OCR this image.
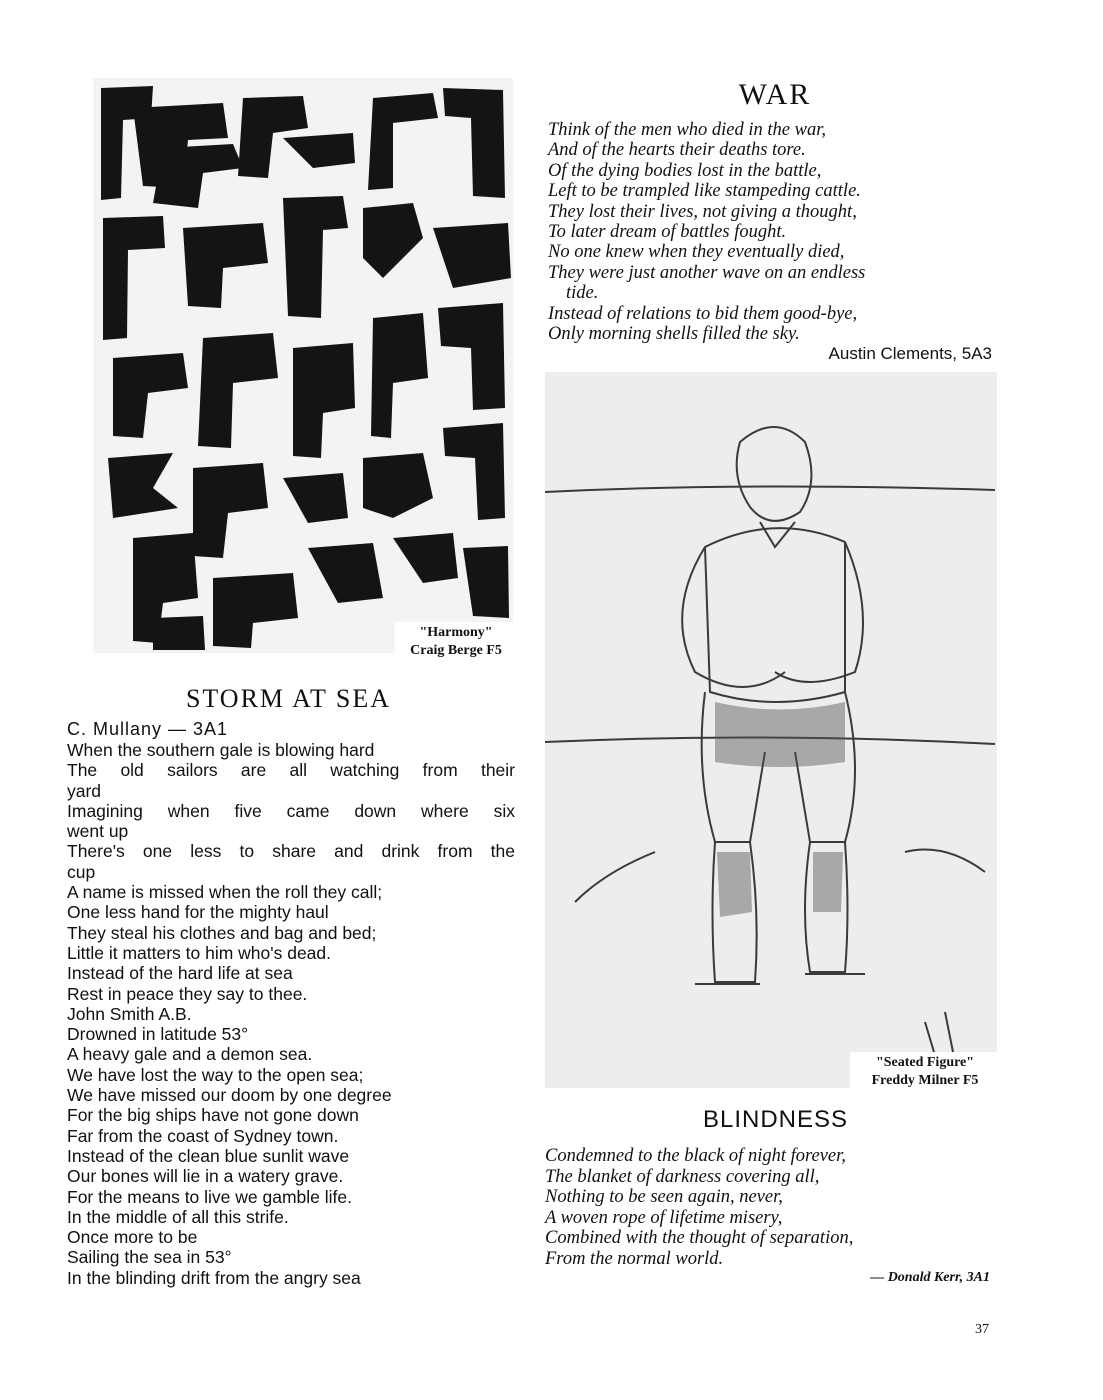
"Harmony"
Craig Berge F5
WAR
Think of the men who died in the war,
And of the hearts their deaths tore.
Of the dying bodies lost in the battle,
Left to be trampled like stampeding cattle.
They lost their lives, not giving a thought,
To later dream of battles fought.
No one knew when they eventually died,
They were just another wave on an endless
tide.
Instead of relations to bid them good-bye,
Only morning shells filled the sky.
Austin Clements, 5A3
"Seated Figure"
Freddy Milner F5
BLINDNESS
Condemned to the black of night forever,
The blanket of darkness covering all,
Nothing to be seen again, never,
A woven rope of lifetime misery,
Combined with the thought of separation,
From the normal world.
— Donald Kerr, 3A1
STORM AT SEA
C. Mullany — 3A1
When the southern gale is blowing hard
The old sailors are all watching from their
yard
Imagining when five came down where six
went up
There's one less to share and drink from the
cup
A name is missed when the roll they call;
One less hand for the mighty haul
They steal his clothes and bag and bed;
Little it matters to him who's dead.
Instead of the hard life at sea
Rest in peace they say to thee.
John Smith A.B.
Drowned in latitude 53°
A heavy gale and a demon sea.
We have lost the way to the open sea;
We have missed our doom by one degree
For the big ships have not gone down
Far from the coast of Sydney town.
Instead of the clean blue sunlit wave
Our bones will lie in a watery grave.
For the means to live we gamble life.
In the middle of all this strife.
Once more to be
Sailing the sea in 53°
In the blinding drift from the angry sea
37
